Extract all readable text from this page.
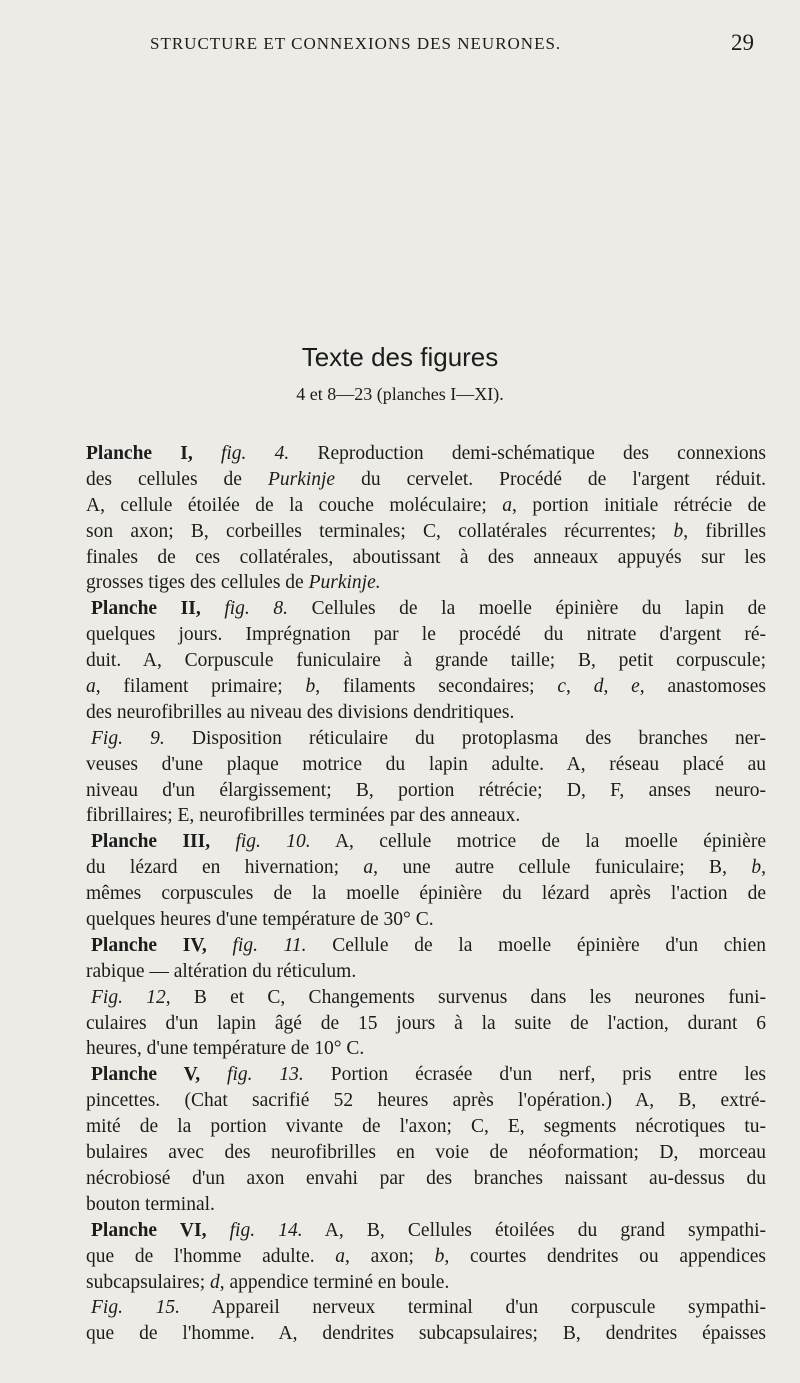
STRUCTURE ET CONNEXIONS DES NEURONES.	29
Texte des figures
4 et 8—23 (planches I—XI).
Planche I, fig. 4. Reproduction demi-schématique des connexions
des cellules de Purkinje du cervelet. Procédé de l'argent réduit.
A, cellule étoilée de la couche moléculaire; a, portion initiale rétrécie de
son axon; B, corbeilles terminales; C, collatérales récurrentes; b, fibrilles
finales de ces collatérales, aboutissant à des anneaux appuyés sur les
grosses tiges des cellules de Purkinje.
Planche II, fig. 8. Cellules de la moelle épinière du lapin de
quelques jours. Imprégnation par le procédé du nitrate d'argent ré-
duit. A, Corpuscule funiculaire à grande taille; B, petit corpuscule;
a, filament primaire; b, filaments secondaires; c, d, e, anastomoses
des neurofibrilles au niveau des divisions dendritiques.
Fig. 9. Disposition réticulaire du protoplasma des branches ner-
veuses d'une plaque motrice du lapin adulte. A, réseau placé au
niveau d'un élargissement; B, portion rétrécie; D, F, anses neuro-
fibrillaires; E, neurofibrilles terminées par des anneaux.
Planche III, fig. 10. A, cellule motrice de la moelle épinière
du lézard en hivernation; a, une autre cellule funiculaire; B, b,
mêmes corpuscules de la moelle épinière du lézard après l'action de
quelques heures d'une température de 30° C.
Planche IV, fig. 11. Cellule de la moelle épinière d'un chien
rabique — altération du réticulum.
Fig. 12, B et C, Changements survenus dans les neurones funi-
culaires d'un lapin âgé de 15 jours à la suite de l'action, durant 6
heures, d'une température de 10° C.
Planche V, fig. 13. Portion écrasée d'un nerf, pris entre les
pincettes. (Chat sacrifié 52 heures après l'opération.) A, B, extré-
mité de la portion vivante de l'axon; C, E, segments nécrotiques tu-
bulaires avec des neurofibrilles en voie de néoformation; D, morceau
nécrobiosé d'un axon envahi par des branches naissant au-dessus du
bouton terminal.
Planche VI, fig. 14. A, B, Cellules étoilées du grand sympathi-
que de l'homme adulte. a, axon; b, courtes dendrites ou appendices
subcapsulaires; d, appendice terminé en boule.
Fig. 15. Appareil nerveux terminal d'un corpuscule sympathi-
que de l'homme. A, dendrites subcapsulaires; B, dendrites épaisses
